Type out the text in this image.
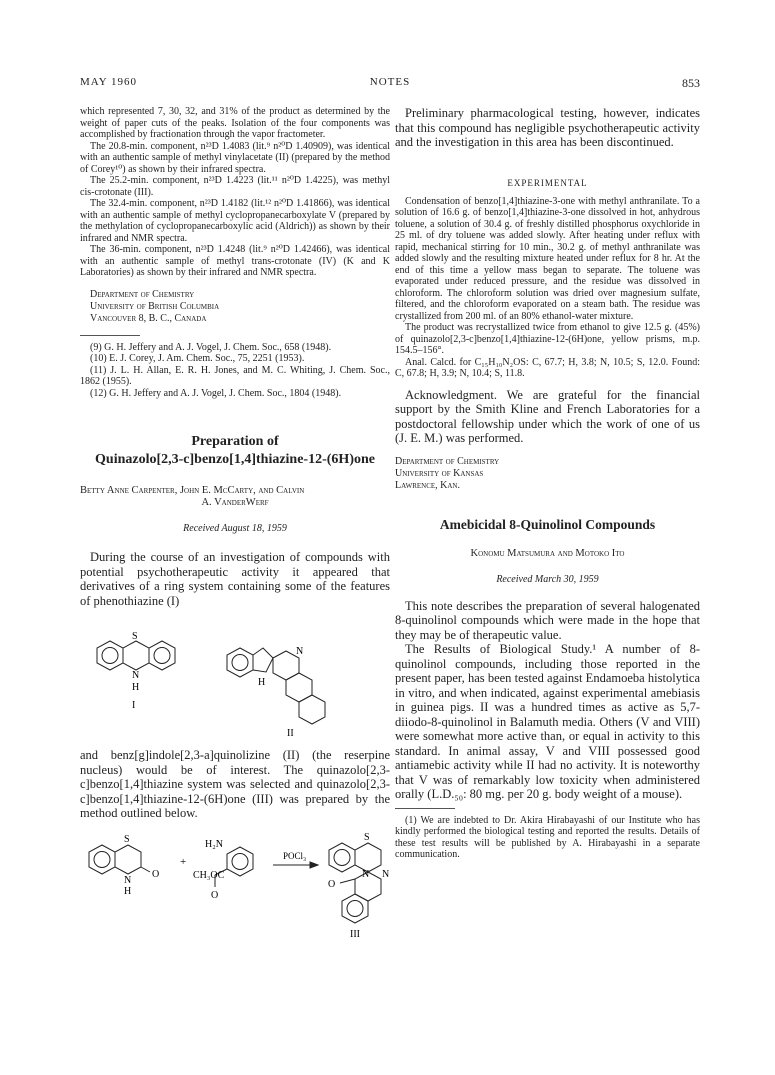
MAY 1960	NOTES	853

which represented 7, 30, 32, and 31% of the product as determined by the weight of paper cuts of the peaks. Isolation of the four components was accomplished by fractionation through the vapor fractometer.

The 20.8-min. component, n²³D 1.4083 (lit.⁹ n²⁰D 1.40909), was identical with an authentic sample of methyl vinylacetate (II) (prepared by the method of Corey¹⁰) as shown by their infrared spectra.

The 25.2-min. component, n²³D 1.4223 (lit.¹¹ n²⁰D 1.4225), was methyl cis-crotonate (III).

The 32.4-min. component, n²³D 1.4182 (lit.¹² n²⁰D 1.41866), was identical with an authentic sample of methyl cyclopropanecarboxylate V (prepared by the methylation of cyclopropanecarboxylic acid (Aldrich)) as shown by their infrared and NMR spectra.

The 36-min. component, n²³D 1.4248 (lit.⁹ n²⁰D 1.42466), was identical with an authentic sample of methyl trans-crotonate (IV) (K and K Laboratories) as shown by their infrared and NMR spectra.

Department of Chemistry
University of British Columbia
Vancouver 8, B. C., Canada

(9) G. H. Jeffery and A. J. Vogel, J. Chem. Soc., 658 (1948).

(10) E. J. Corey, J. Am. Chem. Soc., 75, 2251 (1953).

(11) J. L. H. Allan, E. R. H. Jones, and M. C. Whiting, J. Chem. Soc., 1862 (1955).

(12) G. H. Jeffery and A. J. Vogel, J. Chem. Soc., 1804 (1948).

Preparation of
Quinazolo[2,3-c]benzo[1,4]thiazine-12-(6H)one
Betty Anne Carpenter, John E. McCarty, and Calvin
A. VanderWerf
Received August 18, 1959

During the course of an investigation of compounds with potential psychotherapeutic activity it appeared that derivatives of a ring system containing some of the features of phenothiazine (I)

S
N
H
I
N
H
II

and benz[g]indole[2,3-a]quinolizine (II) (the reserpine nucleus) would be of interest. The quinazolo[2,3-c]benzo[1,4]thiazine system was selected and quinazolo[2,3-c]benzo[1,4]thiazine-12-(6H)one (III) was prepared by the method outlined below.

S
O
N
H
+
H₂N
CH₃OC
O
POCl₃
S
N N
O
III

Preliminary pharmacological testing, however, indicates that this compound has negligible psychotherapeutic activity and the investigation in this area has been discontinued.

EXPERIMENTAL

Condensation of benzo[1,4]thiazine-3-one with methyl anthranilate. To a solution of 16.6 g. of benzo[1,4]thiazine-3-one dissolved in hot, anhydrous toluene, a solution of 30.4 g. of freshly distilled phosphorus oxychloride in 25 ml. of dry toluene was added slowly. After heating under reflux with rapid, mechanical stirring for 10 min., 30.2 g. of methyl anthranilate was added slowly and the resulting mixture heated under reflux for 8 hr. At the end of this time a yellow mass began to separate. The toluene was evaporated under reduced pressure, and the residue was dissolved in chloroform. The chloroform solution was dried over magnesium sulfate, filtered, and the chloroform evaporated on a steam bath. The residue was crystallized from 200 ml. of an 80% ethanol-water mixture.

The product was recrystallized twice from ethanol to give 12.5 g. (45%) of quinazolo[2,3-c]benzo[1,4]thiazine-12-(6H)one, yellow prisms, m.p. 154.5–156°.

Anal. Calcd. for C₁₅H₁₀N₂OS: C, 67.7; H, 3.8; N, 10.5; S, 12.0. Found: C, 67.8; H, 3.9; N, 10.4; S, 11.8.

Acknowledgment. We are grateful for the financial support by the Smith Kline and French Laboratories for a postdoctoral fellowship under which the work of one of us (J. E. M.) was performed.

Department of Chemistry
University of Kansas
Lawrence, Kan.
Amebicidal 8-Quinolinol Compounds
Konomu Matsumura and Motoko Ito
Received March 30, 1959

This note describes the preparation of several halogenated 8-quinolinol compounds which were made in the hope that they may be of therapeutic value.

The Results of Biological Study.¹ A number of 8-quinolinol compounds, including those reported in the present paper, has been tested against Endamoeba histolytica in vitro, and when indicated, against experimental amebiasis in guinea pigs. II was a hundred times as active as 5,7-diiodo-8-quinolinol in Balamuth media. Others (V and VIII) were somewhat more active than, or equal in activity to this standard. In animal assay, V and VIII possessed good antiamebic activity while II had no activity. It is noteworthy that V was of remarkably low toxicity when administered orally (L.D.₅₀: 80 mg. per 20 g. body weight of a mouse).

(1) We are indebted to Dr. Akira Hirabayashi of our Institute who has kindly performed the biological testing and reported the results. Details of these test results will be published by A. Hirabayashi in a separate communication.
